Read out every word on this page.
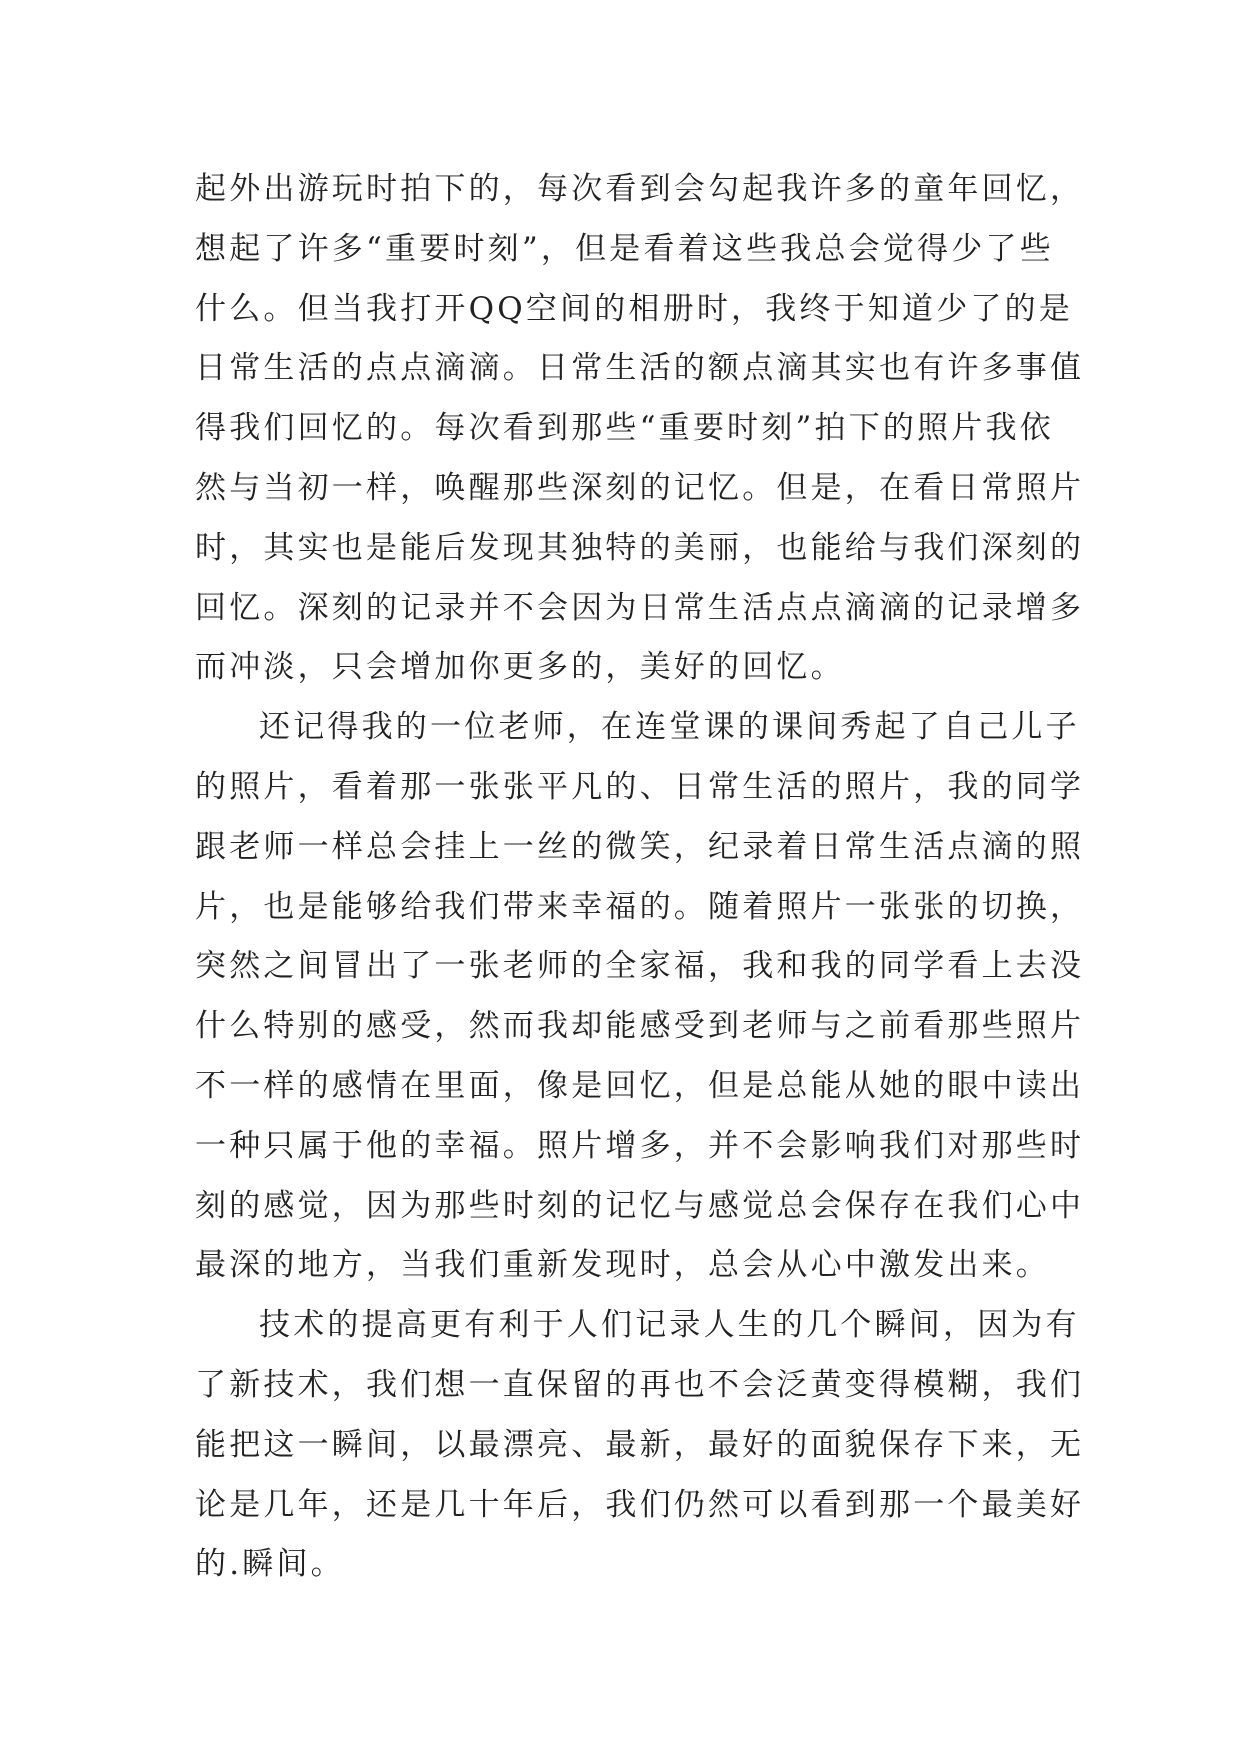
起外出游玩时拍下的，每次看到会勾起我许多的童年回忆，
想起了许多“重要时刻”，但是看着这些我总会觉得少了些
什么。但当我打开QQ空间的相册时，我终于知道少了的是
日常生活的点点滴滴。日常生活的额点滴其实也有许多事值
得我们回忆的。每次看到那些“重要时刻”拍下的照片我依
然与当初一样，唤醒那些深刻的记忆。但是，在看日常照片
时，其实也是能后发现其独特的美丽，也能给与我们深刻的
回忆。深刻的记录并不会因为日常生活点点滴滴的记录增多
而冲淡，只会增加你更多的，美好的回忆。
还记得我的一位老师，在连堂课的课间秀起了自己儿子
的照片，看着那一张张平凡的、日常生活的照片，我的同学
跟老师一样总会挂上一丝的微笑，纪录着日常生活点滴的照
片，也是能够给我们带来幸福的。随着照片一张张的切换，
突然之间冒出了一张老师的全家福，我和我的同学看上去没
什么特别的感受，然而我却能感受到老师与之前看那些照片
不一样的感情在里面，像是回忆，但是总能从她的眼中读出
一种只属于他的幸福。照片增多，并不会影响我们对那些时
刻的感觉，因为那些时刻的记忆与感觉总会保存在我们心中
最深的地方，当我们重新发现时，总会从心中激发出来。
技术的提高更有利于人们记录人生的几个瞬间，因为有
了新技术，我们想一直保留的再也不会泛黄变得模糊，我们
能把这一瞬间，以最漂亮、最新，最好的面貌保存下来，无
论是几年，还是几十年后，我们仍然可以看到那一个最美好
的.瞬间。
